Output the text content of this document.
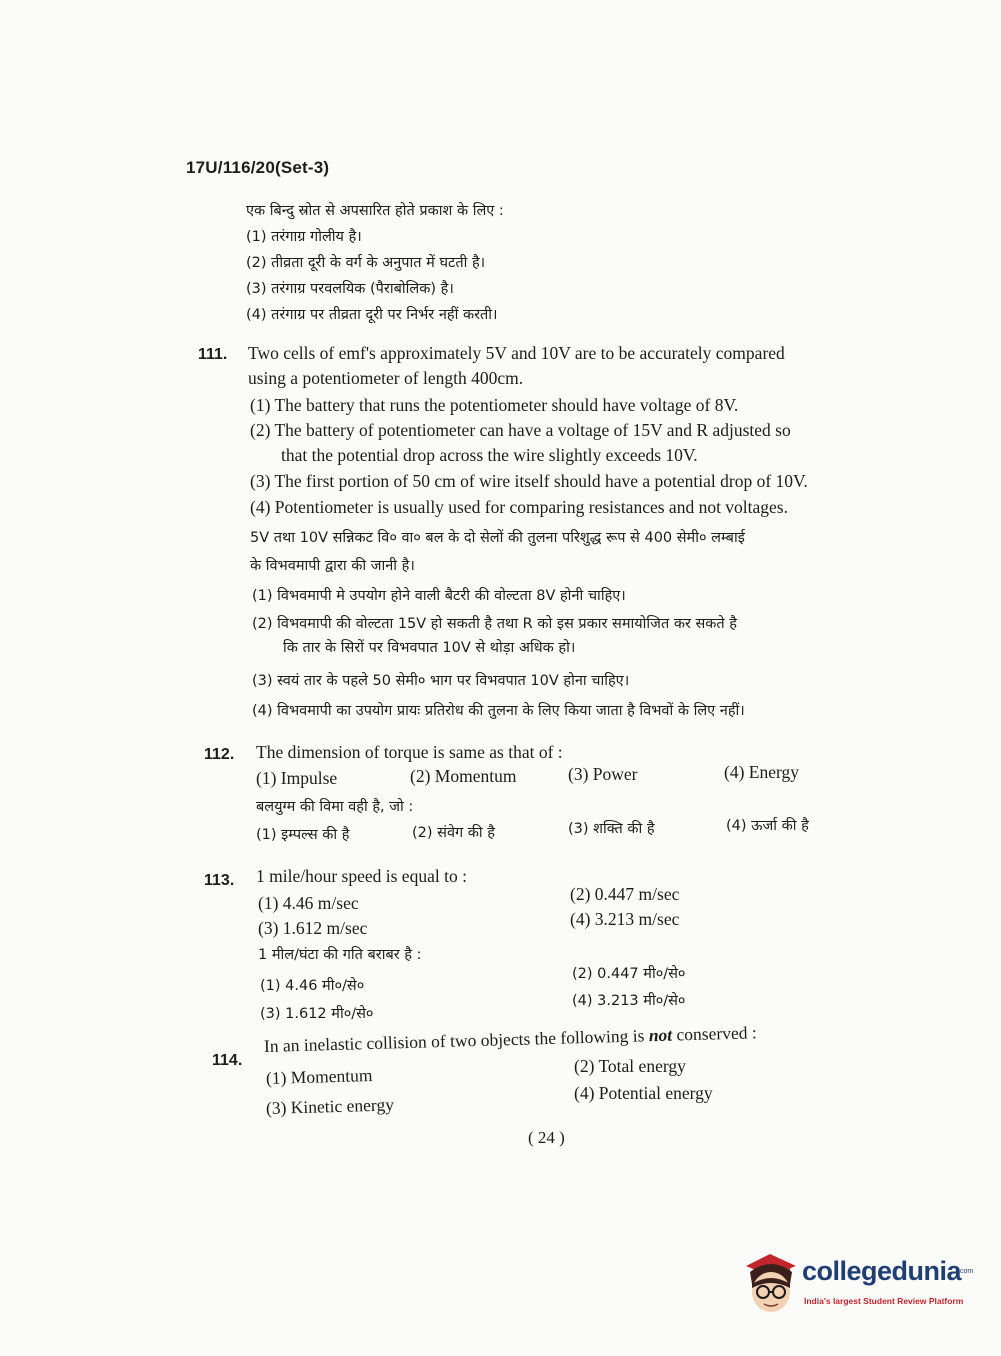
17U/116/20(Set-3)
एक बिन्दु स्रोत से अपसारित होते प्रकाश के लिए :
(1) तरंगाग्र गोलीय है।
(2) तीव्रता दूरी के वर्ग के अनुपात में घटती है।
(3) तरंगाग्र परवलयिक (पैराबोलिक) है।
(4) तरंगाग्र पर तीव्रता दूरी पर निर्भर नहीं करती।
111. Two cells of emf's approximately 5V and 10V are to be accurately compared
using a potentiometer of length 400cm.
(1) The battery that runs the potentiometer should have voltage of 8V.
(2) The battery of potentiometer can have a voltage of 15V and R adjusted so
that the potential drop across the wire slightly exceeds 10V.
(3) The first portion of 50 cm of wire itself should have a potential drop of 10V.
(4) Potentiometer is usually used for comparing resistances and not voltages.
5V तथा 10V सन्निकट वि० वा० बल के दो सेलों की तुलना परिशुद्ध रूप से 400 सेमी० लम्बाई
के विभवमापी द्वारा की जानी है।
(1) विभवमापी मे उपयोग होने वाली बैटरी की वोल्टता 8V होनी चाहिए।
(2) विभवमापी की वोल्टता 15V हो सकती है तथा R को इस प्रकार समायोजित कर सकते है
कि तार के सिरों पर विभवपात 10V से थोड़ा अधिक हो।
(3) स्वयं तार के पहले 50 सेमी० भाग पर विभवपात 10V होना चाहिए।
(4) विभवमापी का उपयोग प्रायः प्रतिरोध की तुलना के लिए किया जाता है विभवों के लिए नहीं।
112. The dimension of torque is same as that of :
(1) Impulse	(2) Momentum	(3) Power	(4) Energy
बलयुग्म की विमा वही है, जो :
(1) इम्पल्स की है	(2) संवेग की है	(3) शक्ति की है	(4) ऊर्जा की है
113. 1 mile/hour speed is equal to :
(1) 4.46 m/sec	(2) 0.447 m/sec
(3) 1.612 m/sec	(4) 3.213 m/sec
1 मील/घंटा की गति बराबर है :
(1) 4.46 मी०/से०
(2) 0.447 मी०/से०
(3) 1.612 मी०/से०
(4) 3.213 मी०/से०
114.
In an inelastic collision of two objects the following is not conserved :
(1) Momentum	(2) Total energy
(3) Kinetic energy
(4) Potential energy
( 24 )
collegedunia
.com
India's largest Student Review Platform
